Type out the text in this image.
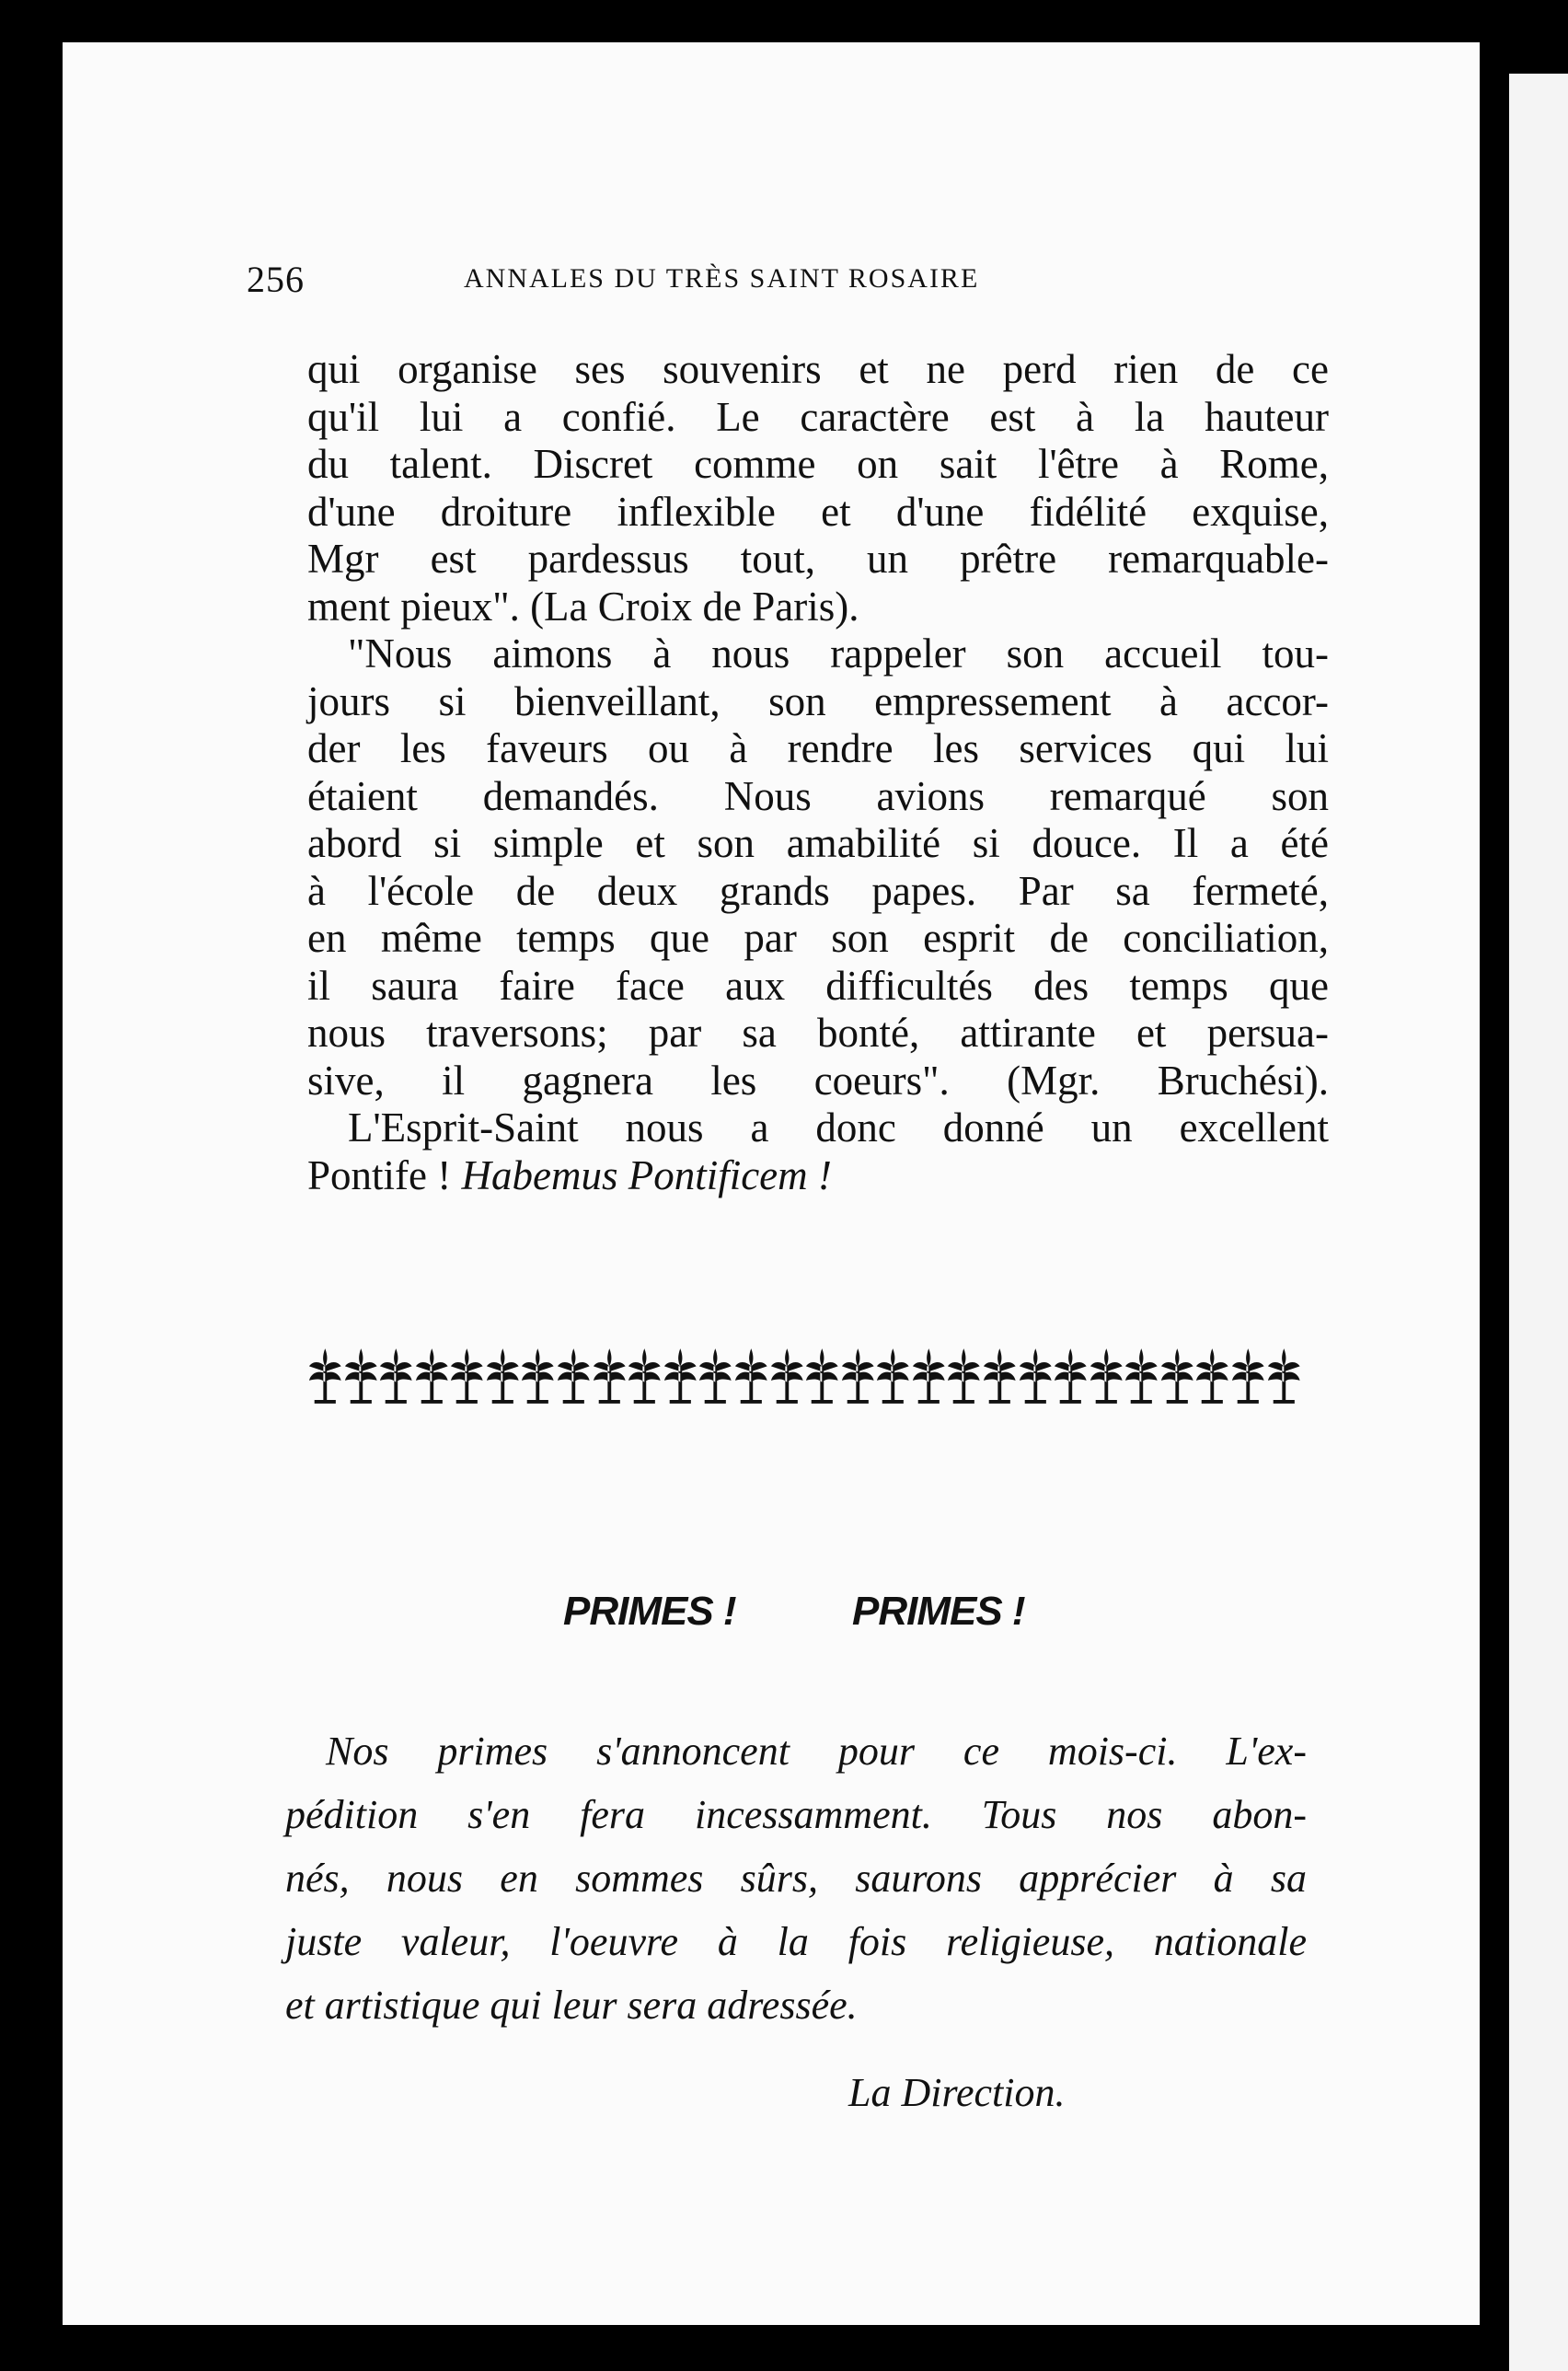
256	ANNALES DU TRÈS SAINT ROSAIRE
qui organise ses souvenirs et ne perd rien de ce
qu'il lui a confié. Le caractère est à la hauteur
du talent. Discret comme on sait l'être à Rome,
d'une droiture inflexible et d'une fidélité exquise,
Mgr est pardessus tout, un prêtre remarquable-
ment pieux". (La Croix de Paris).
"Nous aimons à nous rappeler son accueil tou-
jours si bienveillant, son empressement à accor-
der les faveurs ou à rendre les services qui lui
étaient demandés. Nous avions remarqué son
abord si simple et son amabilité si douce. Il a été
à l'école de deux grands papes. Par sa fermeté,
en même temps que par son esprit de conciliation,
il saura faire face aux difficultés des temps que
nous traversons; par sa bonté, attirante et persua-
sive, il gagnera les coeurs". (Mgr. Bruchési).
L'Esprit-Saint nous a donc donné un excellent
Pontife ! Habemus Pontificem !
PRIMES !	PRIMES !
Nos primes s'annoncent pour ce mois-ci. L'ex-
pédition s'en fera incessamment. Tous nos abon-
nés, nous en sommes sûrs, saurons apprécier à sa
juste valeur, l'oeuvre à la fois religieuse, nationale
et artistique qui leur sera adressée.
La Direction.
